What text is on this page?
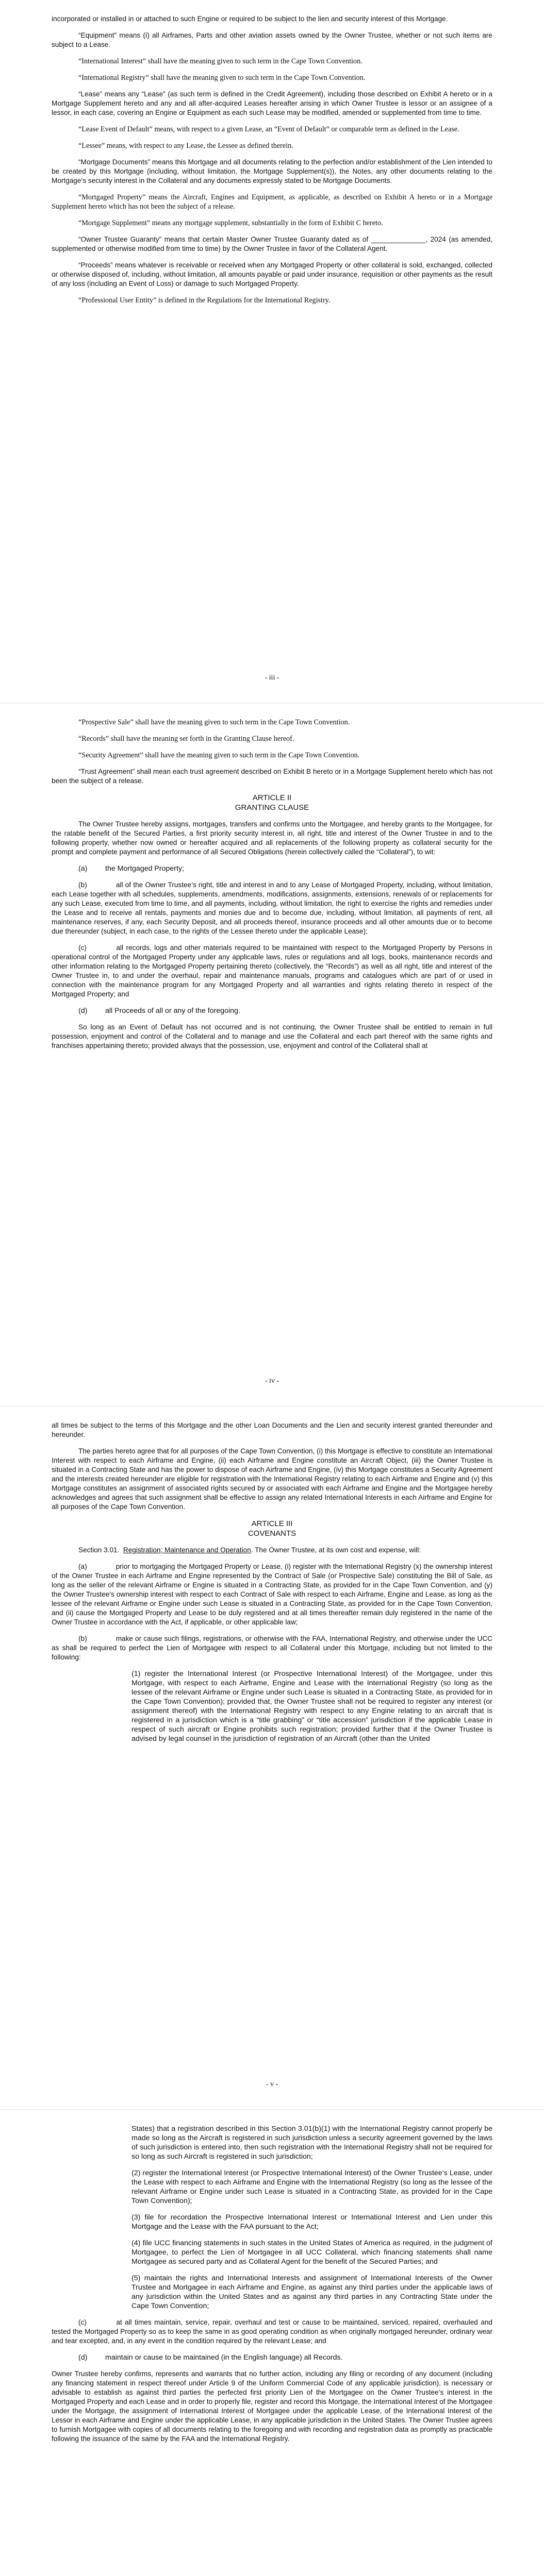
incorporated or installed in or attached to such Engine or required to be subject to the lien and security interest of this Mortgage.

“Equipment” means (i) all Airframes, Parts and other aviation assets owned by the Owner Trustee, whether or not such items are subject to a Lease.

“International Interest” shall have the meaning given to such term in the Cape Town Convention.

“International Registry” shall have the meaning given to such term in the Cape Town Convention.

“Lease” means any “Lease” (as such term is defined in the Credit Agreement), including those described on Exhibit A hereto or in a Mortgage Supplement hereto and any and all after-acquired Leases hereafter arising in which Owner Trustee is lessor or an assignee of a lessor, in each case, covering an Engine or Equipment as each such Lease may be modified, amended or supplemented from time to time.

“Lease Event of Default” means, with respect to a given Lease, an “Event of Default” or comparable term as defined in the Lease.

“Lessee” means, with respect to any Lease, the Lessee as defined therein.

“Mortgage Documents” means this Mortgage and all documents relating to the perfection and/or establishment of the Lien intended to be created by this Mortgage (including, without limitation, the Mortgage Supplement(s)), the Notes, any other documents relating to the Mortgage’s security interest in the Collateral and any documents expressly stated to be Mortgage Documents.

“Mortgaged Property” means the Aircraft, Engines and Equipment, as applicable, as described on Exhibit A hereto or in a Mortgage Supplement hereto which has not been the subject of a release.

“Mortgage Supplement” means any mortgage supplement, substantially in the form of Exhibit C hereto.

“Owner Trustee Guaranty” means that certain Master Owner Trustee Guaranty dated as of ______________, 2024 (as amended, supplemented or otherwise modified from time to time) by the Owner Trustee in favor of the Collateral Agent.

“Proceeds” means whatever is receivable or received when any Mortgaged Property or other collateral is sold, exchanged, collected or otherwise disposed of, including, without limitation, all amounts payable or paid under insurance, requisition or other payments as the result of any loss (including an Event of Loss) or damage to such Mortgaged Property.

“Professional User Entity” is defined in the Regulations for the International Registry.

- iii -

“Prospective Sale” shall have the meaning given to such term in the Cape Town Convention.

“Records” shall have the meaning set forth in the Granting Clause hereof.

“Security Agreement” shall have the meaning given to such term in the Cape Town Convention.

“Trust Agreement” shall mean each trust agreement described on Exhibit B hereto or in a Mortgage Supplement hereto which has not been the subject of a release.

ARTICLE II
GRANTING CLAUSE

The Owner Trustee hereby assigns, mortgages, transfers and confirms unto the Mortgagee, and hereby grants to the Mortgagee, for the ratable benefit of the Secured Parties, a first priority security interest in, all right, title and interest of the Owner Trustee in and to the following property, whether now owned or hereafter acquired and all replacements of the following property as collateral security for the prompt and complete payment and performance of all Secured Obligations (herein collectively called the “Collateral”), to wit:

(a)	the Mortgaged Property;

(b)	all of the Owner Trustee’s right, title and interest in and to any Lease of Mortgaged Property, including, without limitation, each Lease together with all schedules, supplements, amendments, modifications, assignments, extensions, renewals of or replacements for any such Lease, executed from time to time, and all payments, including, without limitation, the right to exercise the rights and remedies under the Lease and to receive all rentals, payments and monies due and to become due, including, without limitation, all payments of rent, all maintenance reserves, if any, each Security Deposit, and all proceeds thereof, insurance proceeds and all other amounts due or to become due thereunder (subject, in each case, to the rights of the Lessee thereto under the applicable Lease);

(c)	all records, logs and other materials required to be maintained with respect to the Mortgaged Property by Persons in operational control of the Mortgaged Property under any applicable laws, rules or regulations and all logs, books, maintenance records and other information relating to the Mortgaged Property pertaining thereto (collectively, the “Records”) as well as all right, title and interest of the Owner Trustee in, to and under the overhaul, repair and maintenance manuals, programs and catalogues which are part of or used in connection with the maintenance program for any Mortgaged Property and all warranties and rights relating thereto in respect of the Mortgaged Property; and

(d)	all Proceeds of all or any of the foregoing.

So long as an Event of Default has not occurred and is not continuing, the Owner Trustee shall be entitled to remain in full possession, enjoyment and control of the Collateral and to manage and use the Collateral and each part thereof with the same rights and franchises appertaining thereto; provided always that the possession, use, enjoyment and control of the Collateral shall at

- iv -

all times be subject to the terms of this Mortgage and the other Loan Documents and the Lien and security interest granted thereunder and hereunder.

The parties hereto agree that for all purposes of the Cape Town Convention, (i) this Mortgage is effective to constitute an International Interest with respect to each Airframe and Engine, (ii) each Airframe and Engine constitute an Aircraft Object, (iii) the Owner Trustee is situated in a Contracting State and has the power to dispose of each Airframe and Engine, (iv) this Mortgage constitutes a Security Agreement and the interests created hereunder are eligible for registration with the International Registry relating to each Airframe and Engine and (v) this Mortgage constitutes an assignment of associated rights secured by or associated with each Airframe and Engine and the Mortgagee hereby acknowledges and agrees that such assignment shall be effective to assign any related International Interests in each Airframe and Engine for all purposes of the Cape Town Convention.

ARTICLE III
COVENANTS

Section 3.01. Registration; Maintenance and Operation. The Owner Trustee, at its own cost and expense, will:

(a)	prior to mortgaging the Mortgaged Property or Lease, (i) register with the International Registry (x) the ownership interest of the Owner Trustee in each Airframe and Engine represented by the Contract of Sale (or Prospective Sale) constituting the Bill of Sale, as long as the seller of the relevant Airframe or Engine is situated in a Contracting State, as provided for in the Cape Town Convention, and (y) the Owner Trustee’s ownership interest with respect to each Contract of Sale with respect to each Airframe, Engine and Lease, as long as the lessee of the relevant Airframe or Engine under such Lease is situated in a Contracting State, as provided for in the Cape Town Convention, and (ii) cause the Mortgaged Property and Lease to be duly registered and at all times thereafter remain duly registered in the name of the Owner Trustee in accordance with the Act, if applicable, or other applicable law;

(b)	make or cause such filings, registrations, or otherwise with the FAA, International Registry, and otherwise under the UCC as shall be required to perfect the Lien of Mortgagee with respect to all Collateral under this Mortgage, including but not limited to the following:

(1) register the International Interest (or Prospective International Interest) of the Mortgagee, under this Mortgage, with respect to each Airframe, Engine and Lease with the International Registry (so long as the lessee of the relevant Airframe or Engine under such Lease is situated in a Contracting State, as provided for in the Cape Town Convention); provided that, the Owner Trustee shall not be required to register any interest (or assignment thereof) with the International Registry with respect to any Engine relating to an aircraft that is registered in a jurisdiction which is a “title grabbing” or “title accession” jurisdiction if the applicable Lease in respect of such aircraft or Engine prohibits such registration; provided further that if the Owner Trustee is advised by legal counsel in the jurisdiction of registration of an Aircraft (other than the United

- v -

States) that a registration described in this Section 3.01(b)(1) with the International Registry cannot properly be made so long as the Aircraft is registered in such jurisdiction unless a security agreement governed by the laws of such jurisdiction is entered into, then such registration with the International Registry shall not be required for so long as such Aircraft is registered in such jurisdiction;

(2) register the International Interest (or Prospective International Interest) of the Owner Trustee’s Lease, under the Lease with respect to each Airframe and Engine with the International Registry (so long as the lessee of the relevant Airframe or Engine under such Lease is situated in a Contracting State, as provided for in the Cape Town Convention);

(3) file for recordation the Prospective International Interest or International Interest and Lien under this Mortgage and the Lease with the FAA pursuant to the Act;

(4) file UCC financing statements in such states in the United States of America as required, in the judgment of Mortgagee, to perfect the Lien of Mortgagee in all UCC Collateral, which financing statements shall name Mortgagee as secured party and as Collateral Agent for the benefit of the Secured Parties; and

(5) maintain the rights and International Interests and assignment of International Interests of the Owner Trustee and Mortgagee in each Airframe and Engine, as against any third parties under the applicable laws of any jurisdiction within the United States and as against any third parties in any Contracting State under the Cape Town Convention;

(c)	at all times maintain, service, repair, overhaul and test or cause to be maintained, serviced, repaired, overhauled and tested the Mortgaged Property so as to keep the same in as good operating condition as when originally mortgaged hereunder, ordinary wear and tear excepted, and, in any event in the condition required by the relevant Lease; and

(d)	maintain or cause to be maintained (in the English language) all Records.

Owner Trustee hereby confirms, represents and warrants that no further action, including any filing or recording of any document (including any financing statement in respect thereof under Article 9 of the Uniform Commercial Code of any applicable jurisdiction), is necessary or advisable to establish as against third parties the perfected first priority Lien of the Mortgagee on the Owner Trustee’s interest in the Mortgaged Property and each Lease and in order to properly file, register and record this Mortgage, the International Interest of the Mortgagee under the Mortgage, the assignment of International Interest of Mortgagee under the applicable Lease, of the International Interest of the Lessor in each Airframe and Engine under the applicable Lease, in any applicable jurisdiction in the United States. The Owner Trustee agrees to furnish Mortgagee with copies of all documents relating to the foregoing and with recording and registration data as promptly as practicable following the issuance of the same by the FAA and the International Registry.
